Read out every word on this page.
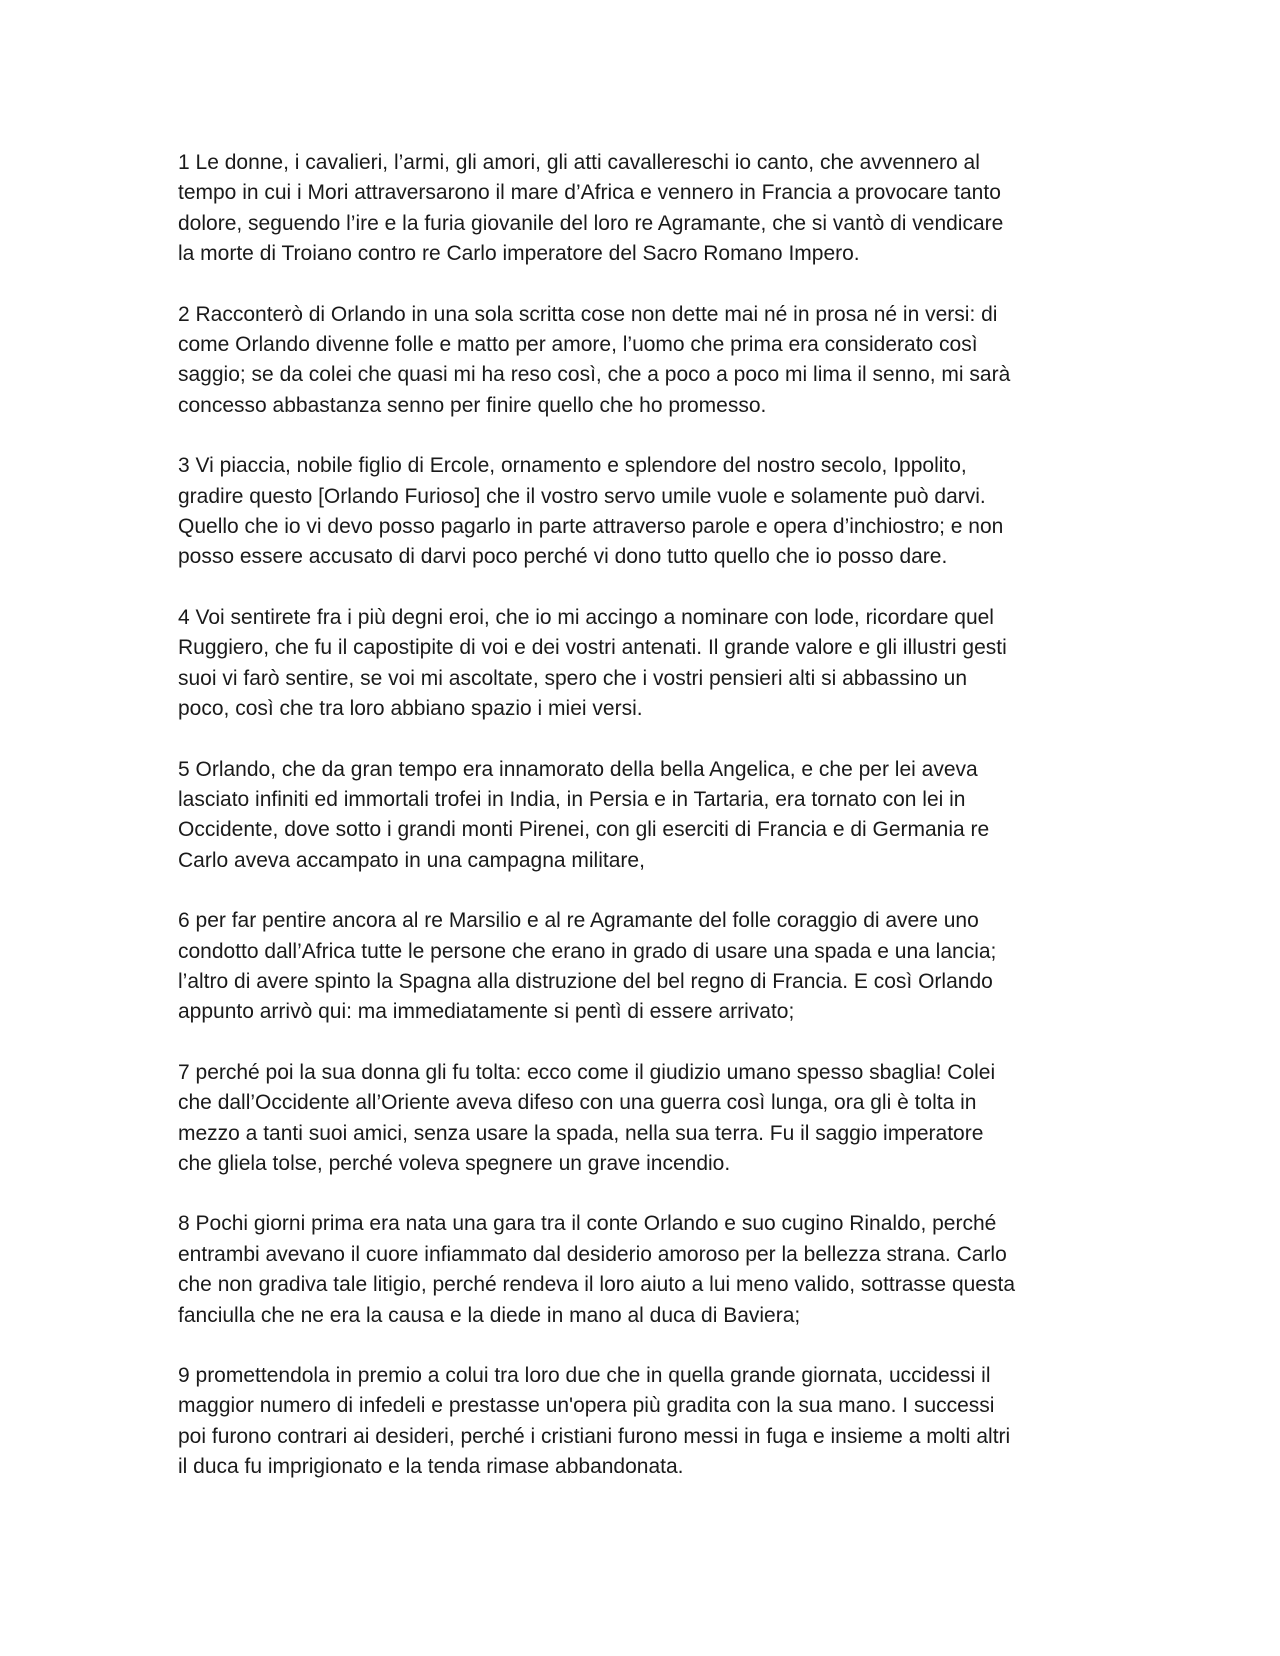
1 Le donne, i cavalieri, l’armi, gli amori, gli atti cavallereschi io canto, che avvennero al
tempo in cui i Mori attraversarono il mare d’Africa e vennero in Francia a provocare tanto
dolore, seguendo l’ire e la furia giovanile del loro re Agramante, che si vantò di vendicare
la morte di Troiano contro re Carlo imperatore del Sacro Romano Impero.

2 Racconterò di Orlando in una sola scritta cose non dette mai né in prosa né in versi: di
come Orlando divenne folle e matto per amore, l’uomo che prima era considerato così
saggio; se da colei che quasi mi ha reso così, che a poco a poco mi lima il senno, mi sarà
concesso abbastanza senno per finire quello che ho promesso.

3 Vi piaccia, nobile figlio di Ercole, ornamento e splendore del nostro secolo, Ippolito,
gradire questo [Orlando Furioso] che il vostro servo umile vuole e solamente può darvi.
Quello che io vi devo posso pagarlo in parte attraverso parole e opera d’inchiostro; e non
posso essere accusato di darvi poco perché vi dono tutto quello che io posso dare.

4 Voi sentirete fra i più degni eroi, che io mi accingo a nominare con lode, ricordare quel
Ruggiero, che fu il capostipite di voi e dei vostri antenati. Il grande valore e gli illustri gesti
suoi vi farò sentire, se voi mi ascoltate, spero che i vostri pensieri alti si abbassino un
poco, così che tra loro abbiano spazio i miei versi.

5 Orlando, che da gran tempo era innamorato della bella Angelica, e che per lei aveva
lasciato infiniti ed immortali trofei in India, in Persia e in Tartaria, era tornato con lei in
Occidente, dove sotto i grandi monti Pirenei, con gli eserciti di Francia e di Germania re
Carlo aveva accampato in una campagna militare,

6 per far pentire ancora al re Marsilio e al re Agramante del folle coraggio di avere uno
condotto dall’Africa tutte le persone che erano in grado di usare una spada e una lancia;
l’altro di avere spinto la Spagna alla distruzione del bel regno di Francia. E così Orlando
appunto arrivò qui: ma immediatamente si pentì di essere arrivato;

7 perché poi la sua donna gli fu tolta: ecco come il giudizio umano spesso sbaglia! Colei
che dall’Occidente all’Oriente aveva difeso con una guerra così lunga, ora gli è tolta in
mezzo a tanti suoi amici, senza usare la spada, nella sua terra. Fu il saggio imperatore
che gliela tolse, perché voleva spegnere un grave incendio.

8 Pochi giorni prima era nata una gara tra il conte Orlando e suo cugino Rinaldo, perché
entrambi avevano il cuore infiammato dal desiderio amoroso per la bellezza strana. Carlo
che non gradiva tale litigio, perché rendeva il loro aiuto a lui meno valido, sottrasse questa
fanciulla che ne era la causa e la diede in mano al duca di Baviera;

9 promettendola in premio a colui tra loro due che in quella grande giornata, uccidessi il
maggior numero di infedeli e prestasse un'opera più gradita con la sua mano. I successi
poi furono contrari ai desideri, perché i cristiani furono messi in fuga e insieme a molti altri
il duca fu imprigionato e la tenda rimase abbandonata.
